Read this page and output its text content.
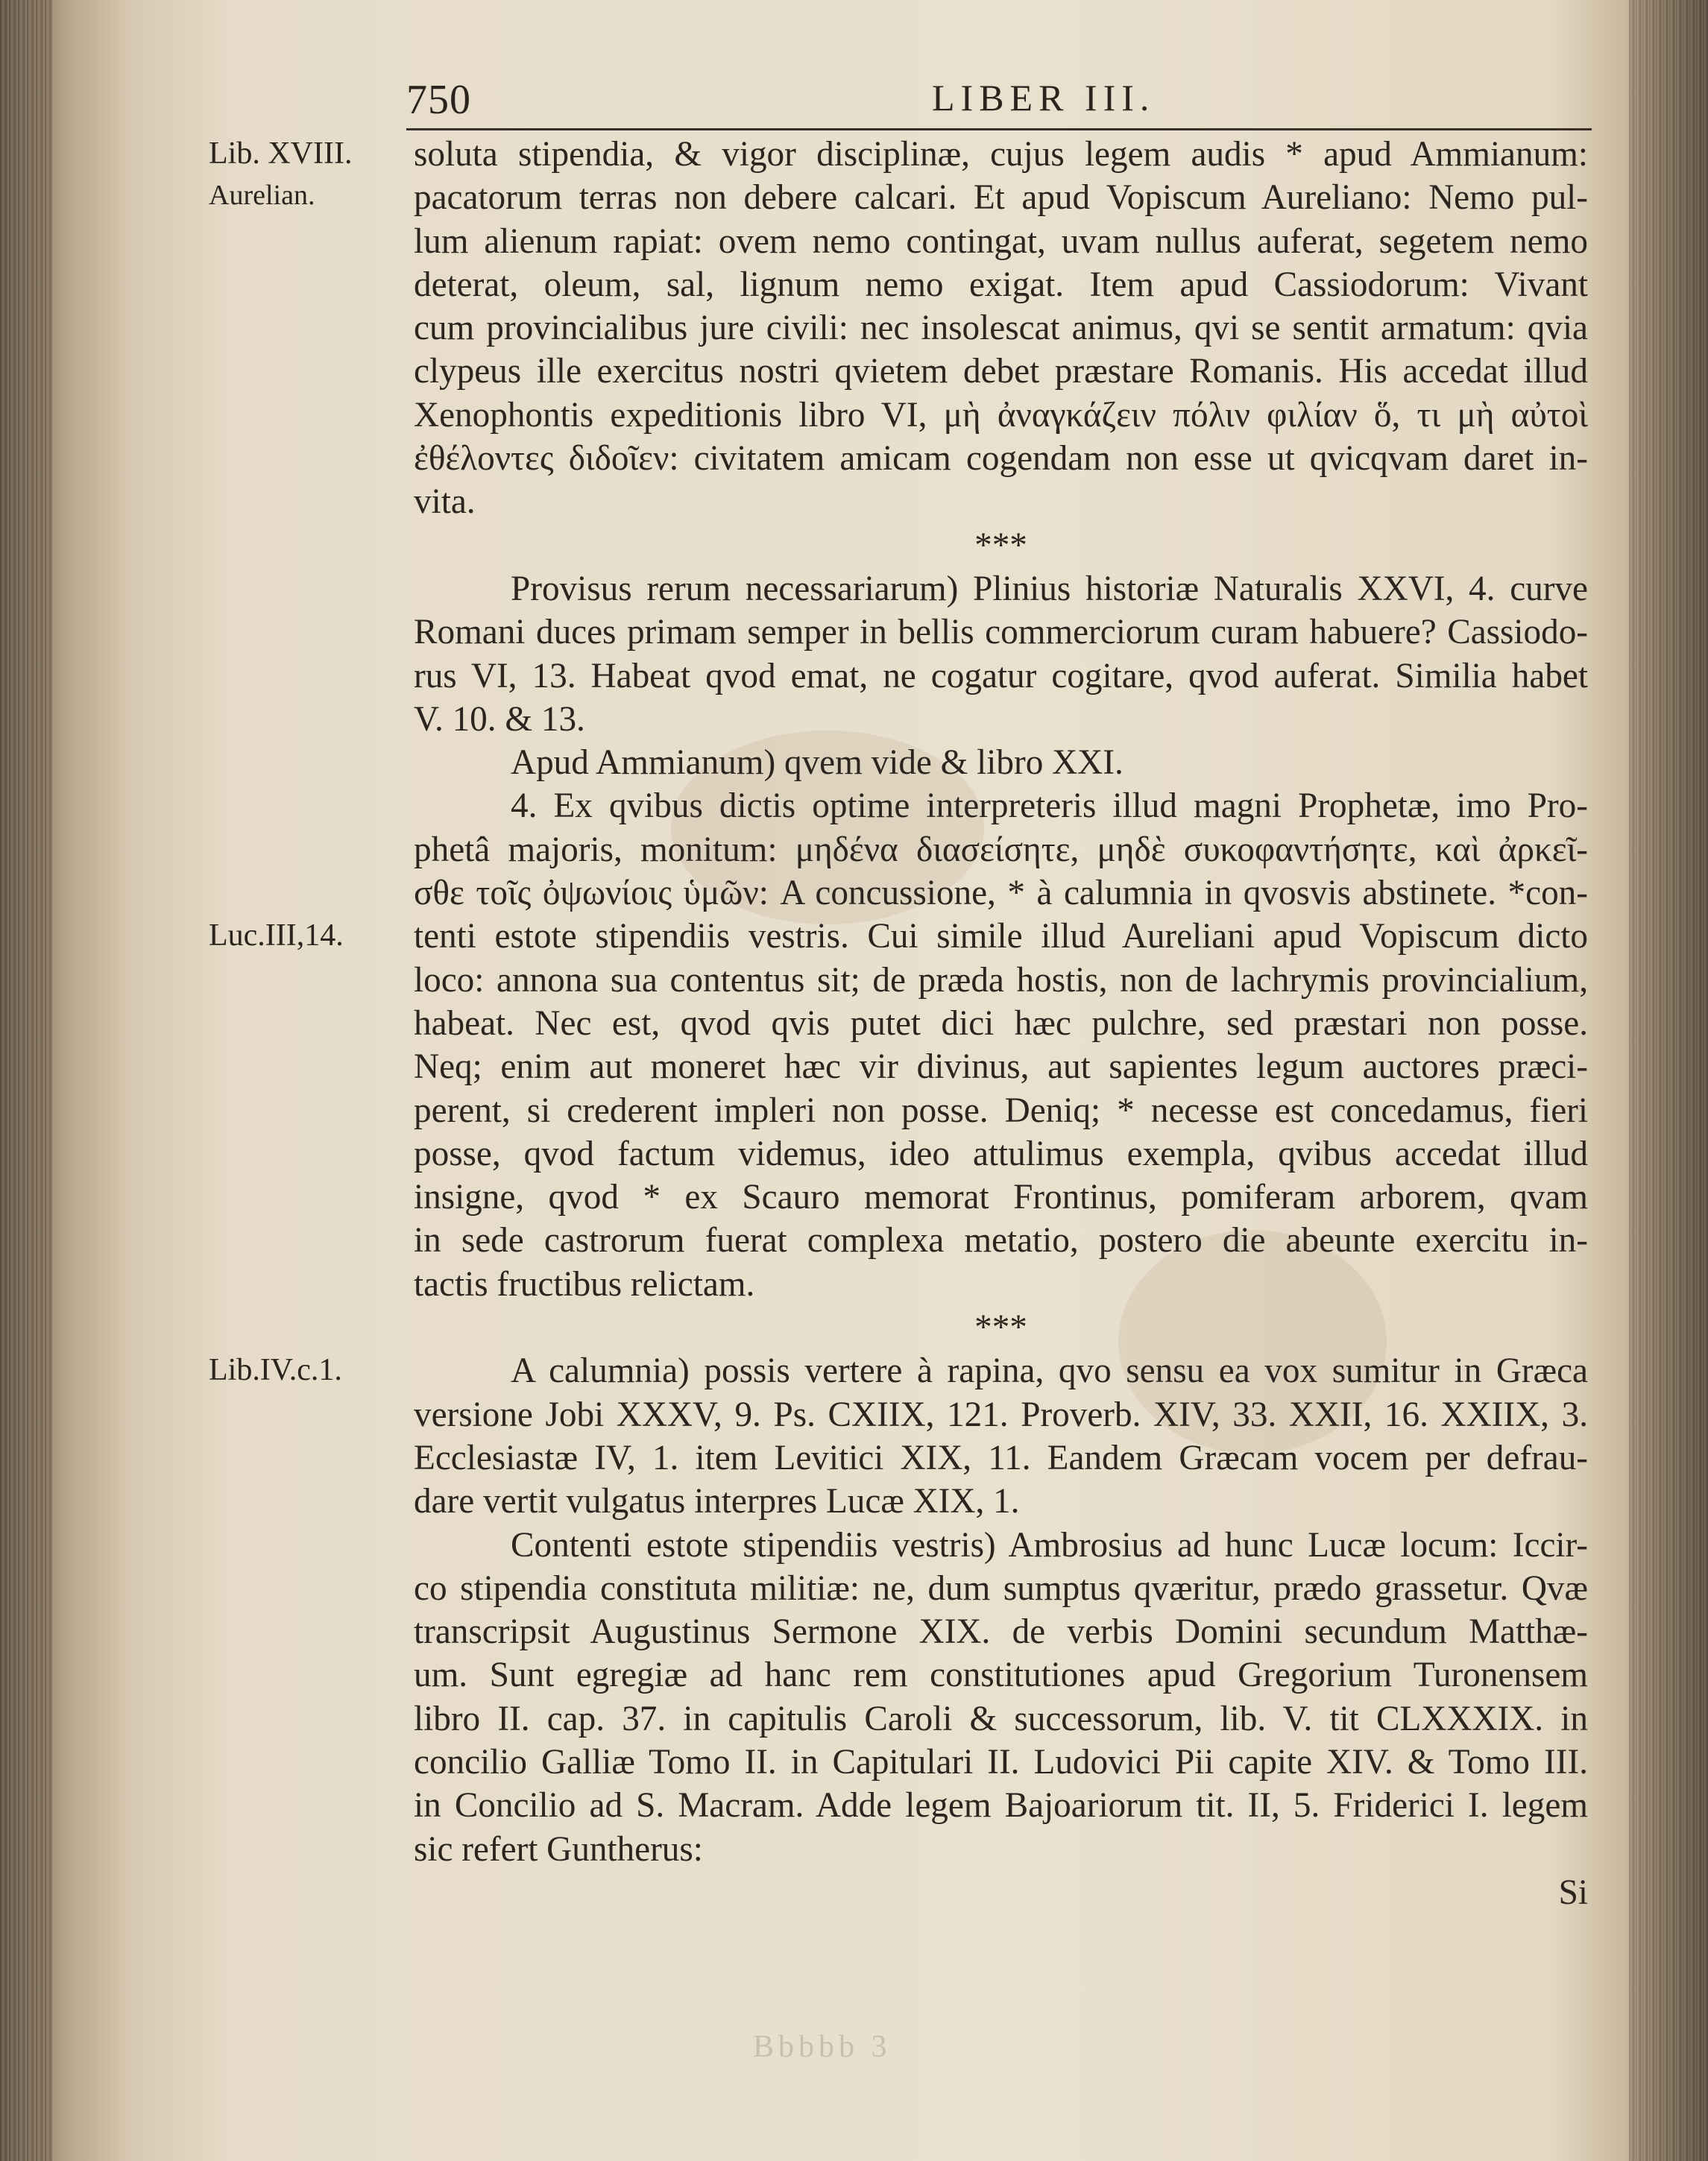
750	LIBER III.
Lib. XVIII.
Aurelian.
Luc.III,14.
Lib.IV.c.1.
soluta stipendia, & vigor disciplinæ, cujus legem audis * apud Ammianum:
pacatorum terras non debere calcari. Et apud Vopiscum Aureliano: Nemo pul-
lum alienum rapiat: ovem nemo contingat, uvam nullus auferat, segetem nemo
deterat, oleum, sal, lignum nemo exigat. Item apud Cassiodorum: Vivant
cum provincialibus jure civili: nec insolescat animus, qvi se sentit armatum: qvia
clypeus ille exercitus nostri qvietem debet præstare Romanis. His accedat illud
Xenophontis expeditionis libro VI, μὴ ἀναγκάζειν πόλιν φιλίαν ὅ, τι μὴ αὐτοὶ
ἐθέλοντες διδοῖεν: civitatem amicam cogendam non esse ut qvicqvam daret in-
vita.
***
Provisus rerum necessariarum) Plinius historiæ Naturalis XXVI, 4. curve
Romani duces primam semper in bellis commerciorum curam habuere? Cassiodo-
rus VI, 13. Habeat qvod emat, ne cogatur cogitare, qvod auferat. Similia habet
V. 10. & 13.
Apud Ammianum) qvem vide & libro XXI.
4. Ex qvibus dictis optime interpreteris illud magni Prophetæ, imo Pro-
phetâ majoris, monitum: μηδένα διασείσητε, μηδὲ συκοφαντήσητε, καὶ ἀρκεῖ-
σθε τοῖς ὀψωνίοις ὑμῶν: A concussione, * à calumnia in qvosvis abstinete. *con-
tenti estote stipendiis vestris. Cui simile illud Aureliani apud Vopiscum dicto
loco: annona sua contentus sit; de præda hostis, non de lachrymis provincialium,
habeat. Nec est, qvod qvis putet dici hæc pulchre, sed præstari non posse.
Neq; enim aut moneret hæc vir divinus, aut sapientes legum auctores præci-
perent, si crederent impleri non posse. Deniq; * necesse est concedamus, fieri
posse, qvod factum videmus, ideo attulimus exempla, qvibus accedat illud
insigne, qvod * ex Scauro memorat Frontinus, pomiferam arborem, qvam
in sede castrorum fuerat complexa metatio, postero die abeunte exercitu in-
tactis fructibus relictam.
***
A calumnia) possis vertere à rapina, qvo sensu ea vox sumitur in Græca
versione Jobi XXXV, 9. Ps. CXIIX, 121. Proverb. XIV, 33. XXII, 16. XXIIX, 3.
Ecclesiastæ IV, 1. item Levitici XIX, 11. Eandem Græcam vocem per defrau-
dare vertit vulgatus interpres Lucæ XIX, 1.
Contenti estote stipendiis vestris) Ambrosius ad hunc Lucæ locum: Iccir-
co stipendia constituta militiæ: ne, dum sumptus qværitur, prædo grassetur. Qvæ
transcripsit Augustinus Sermone XIX. de verbis Domini secundum Matthæ-
um. Sunt egregiæ ad hanc rem constitutiones apud Gregorium Turonensem
libro II. cap. 37. in capitulis Caroli & successorum, lib. V. tit CLXXXIX. in
concilio Galliæ Tomo II. in Capitulari II. Ludovici Pii capite XIV. & Tomo III.
in Concilio ad S. Macram. Adde legem Bajoariorum tit. II, 5. Friderici I. legem
sic refert Guntherus:
Si
Bbbbb 3
